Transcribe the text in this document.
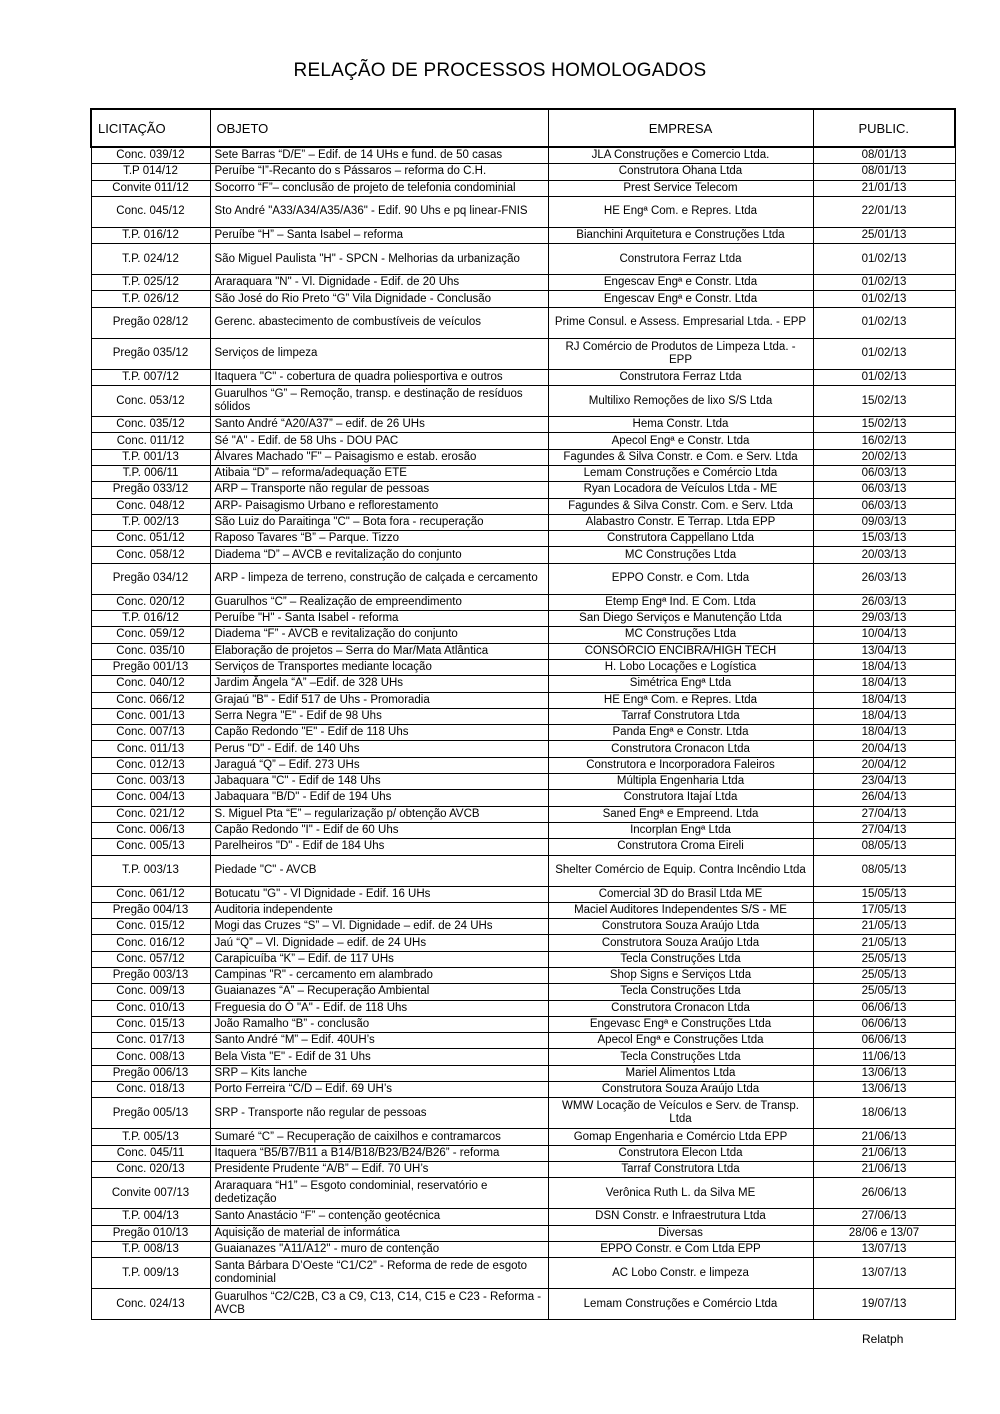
RELAÇÃO DE PROCESSOS HOMOLOGADOS
LICITAÇÃO	OBJETO	EMPRESA	PUBLIC.
Conc. 039/12	Sete Barras “D/E” – Edif. de 14 UHs e fund. de 50 casas	JLA Construções e Comercio Ltda.	08/01/13
T.P 014/12	Peruíbe “I”-Recanto do s Pássaros – reforma do C.H.	Construtora Ohana Ltda	08/01/13
Convite 011/12	Socorro “F”– conclusão de projeto de telefonia condominial	Prest Service Telecom	21/01/13
Conc. 045/12	Sto André "A33/A34/A35/A36" - Edif. 90 Uhs e pq linear-FNIS	HE Engª Com. e Repres. Ltda	22/01/13
T.P. 016/12	Peruíbe “H” – Santa Isabel – reforma	Bianchini Arquitetura e Construções Ltda	25/01/13
T.P. 024/12	São Miguel Paulista "H" - SPCN - Melhorias da urbanização	Construtora Ferraz Ltda	01/02/13
T.P. 025/12	Araraquara "N" - Vl. Dignidade - Edif. de 20 Uhs	Engescav Engª e Constr. Ltda	01/02/13
T.P. 026/12	São José do Rio Preto “G” Vila Dignidade - Conclusão	Engescav Engª e Constr. Ltda	01/02/13
Pregão 028/12	Gerenc. abastecimento de combustíveis de veículos	Prime Consul. e Assess. Empresarial Ltda. - EPP	01/02/13
Pregão 035/12	Serviços de limpeza	RJ Comércio de Produtos de Limpeza Ltda. - EPP	01/02/13
T.P. 007/12	Itaquera "C" - cobertura de quadra poliesportiva e outros	Construtora Ferraz Ltda	01/02/13
Conc. 053/12	Guarulhos “G” – Remoção, transp. e destinação de resíduos sólidos	Multilixo Remoções de lixo S/S Ltda	15/02/13
Conc. 035/12	Santo André “A20/A37” – edif. de 26 UHs	Hema Constr. Ltda	15/02/13
Conc. 011/12	Sé "A" - Edif. de 58 Uhs - DOU PAC	Apecol Engª e Constr. Ltda	16/02/13
T.P. 001/13	Álvares Machado "F" – Paisagismo e estab. erosão	Fagundes & Silva Constr. e Com. e Serv. Ltda	20/02/13
T.P. 006/11	Atibaia “D” – reforma/adequação ETE	Lemam Construções e Comércio Ltda	06/03/13
Pregão 033/12	ARP – Transporte não regular de pessoas	Ryan Locadora de Veículos Ltda - ME	06/03/13
Conc. 048/12	ARP- Paisagismo Urbano e reflorestamento	Fagundes & Silva Constr. Com. e Serv. Ltda	06/03/13
T.P. 002/13	São Luiz do Paraitinga "C" – Bota fora - recuperação	Alabastro Constr. E Terrap. Ltda EPP	09/03/13
Conc. 051/12	Raposo Tavares “B” – Parque. Tizzo	Construtora Cappellano Ltda	15/03/13
Conc. 058/12	Diadema “D” – AVCB e revitalização do conjunto	MC Construções Ltda	20/03/13
Pregão 034/12	ARP - limpeza de terreno, construção de calçada e cercamento	EPPO Constr. e Com. Ltda	26/03/13
Conc. 020/12	Guarulhos “C” – Realização de empreendimento	Etemp Engª Ind. E Com. Ltda	26/03/13
T.P. 016/12	Peruíbe "H" - Santa Isabel - reforma	San Diego Serviços e Manutenção Ltda	29/03/13
Conc. 059/12	Diadema “F” - AVCB e revitalização do conjunto	MC Construções Ltda	10/04/13
Conc. 035/10	Elaboração de projetos – Serra do Mar/Mata Atlântica	CONSÓRCIO ENCIBRA/HIGH TECH	13/04/13
Pregão 001/13	Serviços de Transportes mediante locação	H. Lobo Locações e Logística	18/04/13
Conc. 040/12	Jardim Ângela “A” –Edif. de 328 UHs	Simétrica Engª Ltda	18/04/13
Conc. 066/12	Grajaú "B" - Edif 517 de Uhs - Promoradia	HE Engª Com. e Repres. Ltda	18/04/13
Conc. 001/13	Serra Negra "E" - Edif de 98 Uhs	Tarraf Construtora Ltda	18/04/13
Conc. 007/13	Capão Redondo "E" - Edif de 118 Uhs	Panda Engª e Constr. Ltda	18/04/13
Conc. 011/13	Perus "D" - Edif. de 140 Uhs	Construtora Cronacon Ltda	20/04/13
Conc. 012/13	Jaraguá “Q” – Edif. 273 UHs	Construtora e Incorporadora Faleiros	20/04/12
Conc. 003/13	Jabaquara "C" - Edif de 148 Uhs	Múltipla Engenharia Ltda	23/04/13
Conc. 004/13	Jabaquara "B/D" - Edif de 194 Uhs	Construtora Itajaí Ltda	26/04/13
Conc. 021/12	S. Miguel Pta “E” – regularização p/ obtenção AVCB	Saned Engª e Empreend. Ltda	27/04/13
Conc. 006/13	Capão Redondo "I" - Edif de 60 Uhs	Incorplan Engª Ltda	27/04/13
Conc. 005/13	Parelheiros "D" - Edif de 184 Uhs	Construtora Croma Eireli	08/05/13
T.P. 003/13	Piedade "C" - AVCB	Shelter Comércio de Equip. Contra Incêndio Ltda	08/05/13
Conc. 061/12	Botucatu "G" - Vl Dignidade - Edif. 16 UHs	Comercial 3D do Brasil Ltda ME	15/05/13
Pregão 004/13	Auditoria independente	Maciel Auditores Independentes S/S - ME	17/05/13
Conc. 015/12	Mogi das Cruzes “S” – Vl. Dignidade – edif. de 24 UHs	Construtora Souza Araújo Ltda	21/05/13
Conc. 016/12	Jaú “Q” – Vl. Dignidade – edif. de 24 UHs	Construtora Souza Araújo Ltda	21/05/13
Conc. 057/12	Carapicuíba “K” – Edif. de 117 UHs	Tecla Construções Ltda	25/05/13
Pregão 003/13	Campinas "R" - cercamento em alambrado	Shop Signs e Serviços Ltda	25/05/13
Conc. 009/13	Guaianazes “A” – Recuperação Ambiental	Tecla Construções Ltda	25/05/13
Conc. 010/13	Freguesia do Ó "A" - Edif. de 118 Uhs	Construtora Cronacon Ltda	06/06/13
Conc. 015/13	João Ramalho “B” - conclusão	Engevasc Engª e Construções Ltda	06/06/13
Conc. 017/13	Santo André “M” – Edif. 40UH’s	Apecol Engª e Construções Ltda	06/06/13
Conc. 008/13	Bela Vista "E" - Edif de 31 Uhs	Tecla Construções Ltda	11/06/13
Pregão 006/13	SRP – Kits lanche	Mariel Alimentos Ltda	13/06/13
Conc. 018/13	Porto Ferreira “C/D – Edif. 69 UH’s	Construtora Souza Araújo Ltda	13/06/13
Pregão 005/13	SRP - Transporte não regular de pessoas	WMW Locação de Veículos e Serv. de Transp. Ltda	18/06/13
T.P. 005/13	Sumaré “C” – Recuperação de caixilhos e contramarcos	Gomap Engenharia e Comércio Ltda EPP	21/06/13
Conc. 045/11	Itaquera “B5/B7/B11 a B14/B18/B23/B24/B26” - reforma	Construtora Elecon Ltda	21/06/13
Conc. 020/13	Presidente Prudente “A/B” – Edif. 70 UH’s	Tarraf Construtora Ltda	21/06/13
Convite 007/13	Araraquara “H1” – Esgoto condominial, reservatório e dedetização	Verônica Ruth L. da Silva ME	26/06/13
T.P. 004/13	Santo Anastácio “F” – contenção geotécnica	DSN Constr. e Infraestrutura Ltda	27/06/13
Pregão 010/13	Aquisição de material de informática	Diversas	28/06 e 13/07
T.P. 008/13	Guaianazes "A11/A12" - muro de contenção	EPPO Constr. e Com Ltda EPP	13/07/13
T.P. 009/13	Santa Bárbara D’Oeste “C1/C2” - Reforma de rede de esgoto condominial	AC Lobo Constr. e limpeza	13/07/13
Conc. 024/13	Guarulhos “C2/C2B, C3 a C9, C13, C14, C15 e C23 - Reforma - AVCB	Lemam Construções e Comércio Ltda	19/07/13
Relatph
